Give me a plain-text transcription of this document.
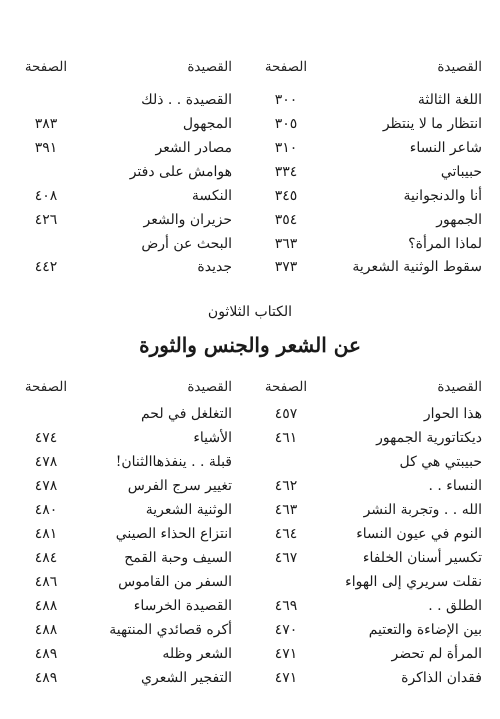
القصيدة
الصفحة
القصيدة
الصفحة
اللغة الثالثة
٣٠٠
القصيدة . . ذلك
انتظار ما لا ينتظر
٣٠٥
المجهول
٣٨٣
شاعر النساء
٣١٠
مصادر الشعر
٣٩١
حبيباتي
٣٣٤
هوامش على دفتر
أنا والدنجوانية
٣٤٥
النكسة
٤٠٨
الجمهور
٣٥٤
حزيران والشعر
٤٢٦
لماذا المرأة؟
٣٦٣
البحث عن أرض
سقوط الوثنية الشعرية
٣٧٣
جديدة
٤٤٢
الكتاب الثلاثون
عن الشعر والجنس والثورة
القصيدة
الصفحة
القصيدة
الصفحة
هذا الحوار
٤٥٧
التغلغل في لحم
ديكتاتورية الجمهور
٤٦١
الأشياء
٤٧٤
حبيبتي هي كل
قبلة . . ينفذهاالثنان!
٤٧٨
النساء . .
٤٦٢
تغيير سرج الفرس
٤٧٨
الله . . وتجربة النشر
٤٦٣
الوثنية الشعرية
٤٨٠
النوم في عيون النساء
٤٦٤
انتزاع الحذاء الصيني
٤٨١
تكسير أسنان الخلفاء
٤٦٧
السيف وحبة القمح
٤٨٤
نقلت سريري إلى الهواء
السفر من القاموس
٤٨٦
الطلق . .
٤٦٩
القصيدة الخرساء
٤٨٨
بين الإضاءة والتعتيم
٤٧٠
أكره قصائدي المنتهية
٤٨٨
المرأة لم تحضر
٤٧١
الشعر وظله
٤٨٩
فقدان الذاكرة
٤٧١
التفجير الشعري
٤٨٩
